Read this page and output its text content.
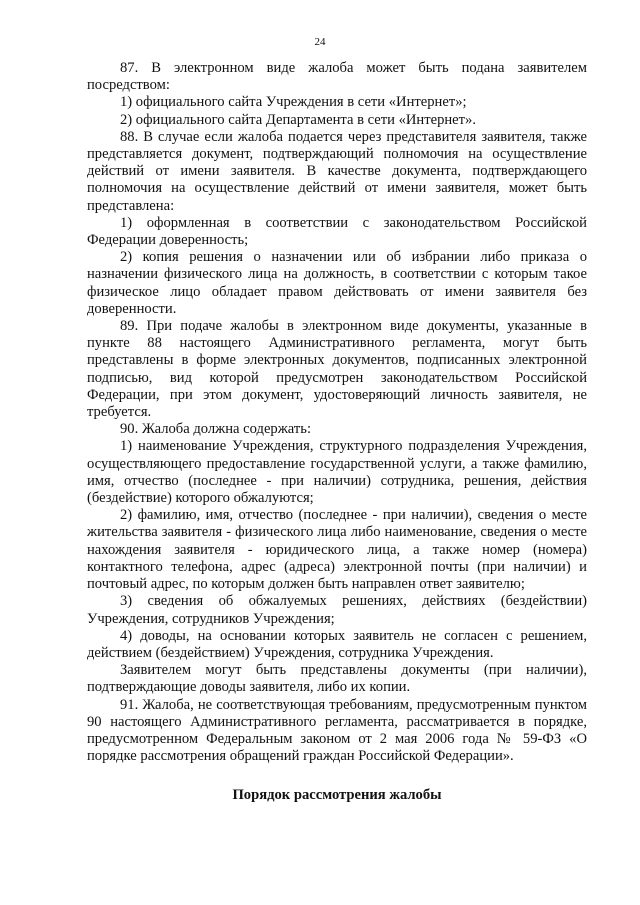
24

87. В электронном виде жалоба может быть подана заявителем посредством:

1) официального сайта Учреждения в сети «Интернет»;

2) официального сайта Департамента в сети «Интернет».

88. В случае если жалоба подается через представителя заявителя, также представляется документ, подтверждающий полномочия на осуществление действий от имени заявителя. В качестве документа, подтверждающего полномочия на осуществление действий от имени заявителя, может быть представлена:

1) оформленная в соответствии с законодательством Российской Федерации доверенность;

2) копия решения о назначении или об избрании либо приказа о назначении физического лица на должность, в соответствии с которым такое физическое лицо обладает правом действовать от имени заявителя без доверенности.

89. При подаче жалобы в электронном виде документы, указанные в пункте 88 настоящего Административного регламента, могут быть представлены в форме электронных документов, подписанных электронной подписью, вид которой предусмотрен законодательством Российской Федерации, при этом документ, удостоверяющий личность заявителя, не требуется.

90. Жалоба должна содержать:

1) наименование Учреждения, структурного подразделения Учреждения, осуществляющего предоставление государственной услуги, а также фамилию, имя, отчество (последнее - при наличии) сотрудника, решения, действия (бездействие) которого обжалуются;

2) фамилию, имя, отчество (последнее - при наличии), сведения о месте жительства заявителя - физического лица либо наименование, сведения о месте нахождения заявителя - юридического лица, а также номер (номера) контактного телефона, адрес (адреса) электронной почты (при наличии) и почтовый адрес, по которым должен быть направлен ответ заявителю;

3) сведения об обжалуемых решениях, действиях (бездействии) Учреждения, сотрудников Учреждения;

4) доводы, на основании которых заявитель не согласен с решением, действием (бездействием) Учреждения, сотрудника Учреждения.

Заявителем могут быть представлены документы (при наличии), подтверждающие доводы заявителя, либо их копии.

91. Жалоба, не соответствующая требованиям, предусмотренным пунктом 90 настоящего Административного регламента, рассматривается в порядке, предусмотренном Федеральным законом от 2 мая 2006 года № 59-ФЗ «О порядке рассмотрения обращений граждан Российской Федерации».

Порядок рассмотрения жалобы
